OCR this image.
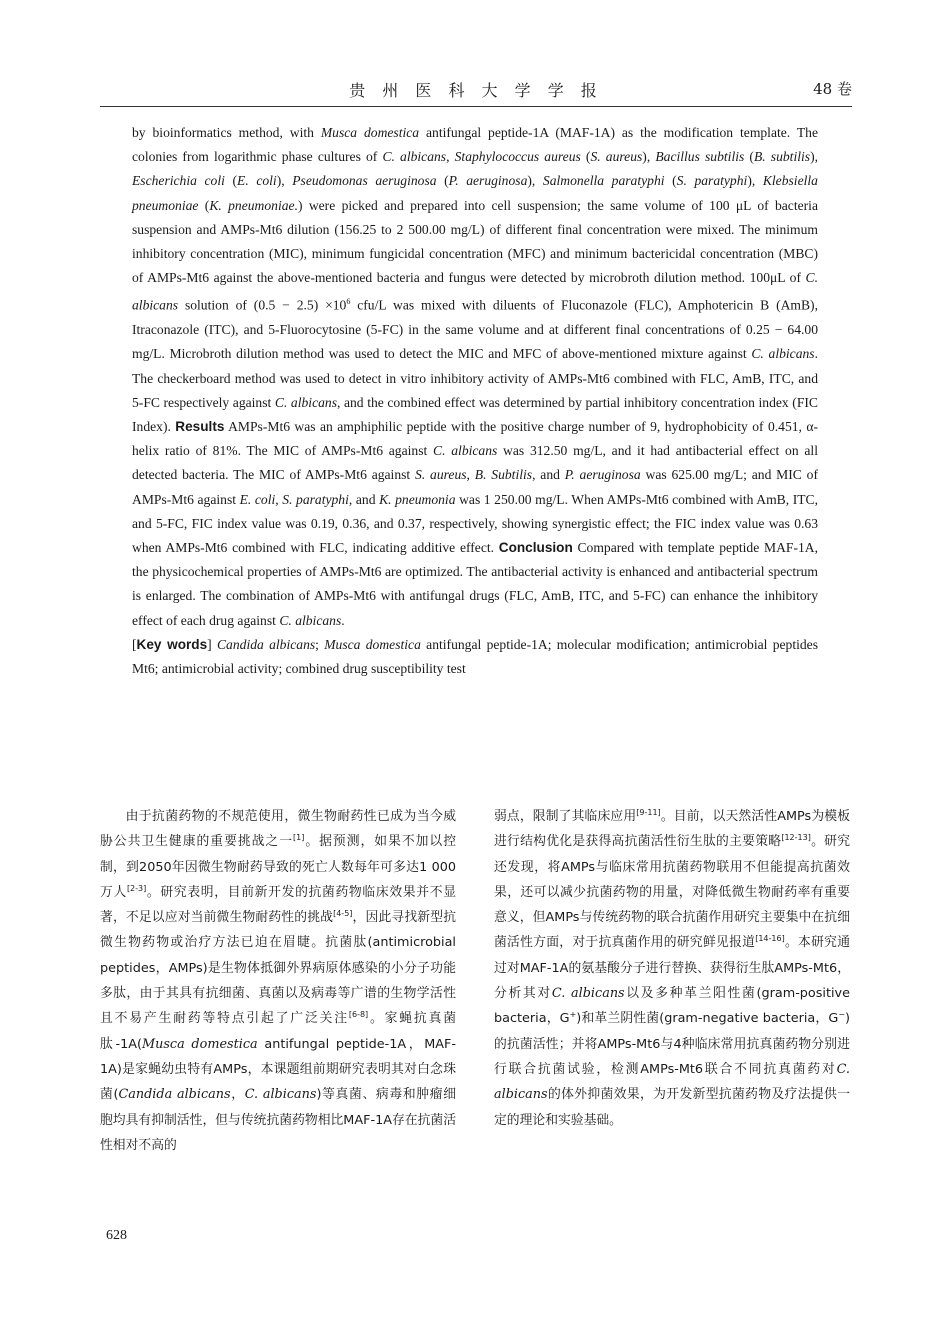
贵 州 医 科 大 学 学 报	48 卷

by bioinformatics method, with Musca domestica antifungal peptide-1A (MAF-1A) as the modification template. The colonies from logarithmic phase cultures of C. albicans, Staphylococcus aureus (S. aureus), Bacillus subtilis (B. subtilis), Escherichia coli (E. coli), Pseudomonas aeruginosa (P. aeruginosa), Salmonella paratyphi (S. paratyphi), Klebsiella pneumoniae (K. pneumoniae.) were picked and prepared into cell suspension; the same volume of 100 μL of bacteria suspension and AMPs-Mt6 dilution (156.25 to 2 500.00 mg/L) of different final concentration were mixed. The minimum inhibitory concentration (MIC), minimum fungicidal concentration (MFC) and minimum bactericidal concentration (MBC) of AMPs-Mt6 against the above-mentioned bacteria and fungus were detected by microbroth dilution method. 100μL of C. albicans solution of $(0.5 - 2.5) \times 10^6$ cfu/L was mixed with diluents of Fluconazole (FLC), Amphotericin B (AmB), Itraconazole (ITC), and 5-Fluorocytosine (5-FC) in the same volume and at different final concentrations of 0.25 − 64.00 mg/L. Microbroth dilution method was used to detect the MIC and MFC of above-mentioned mixture against C. albicans. The checkerboard method was used to detect in vitro inhibitory activity of AMPs-Mt6 combined with FLC, AmB, ITC, and 5-FC respectively against C. albicans, and the combined effect was determined by partial inhibitory concentration index (FIC Index). Results AMPs-Mt6 was an amphiphilic peptide with the positive charge number of 9, hydrophobicity of 0.451, α-helix ratio of 81%. The MIC of AMPs-Mt6 against C. albicans was 312.50 mg/L, and it had antibacterial effect on all detected bacteria. The MIC of AMPs-Mt6 against S. aureus, B. Subtilis, and P. aeruginosa was 625.00 mg/L; and MIC of AMPs-Mt6 against E. coli, S. paratyphi, and K. pneumonia was 1 250.00 mg/L. When AMPs-Mt6 combined with AmB, ITC, and 5-FC, FIC index value was 0.19, 0.36, and 0.37, respectively, showing synergistic effect; the FIC index value was 0.63 when AMPs-Mt6 combined with FLC, indicating additive effect. Conclusion Compared with template peptide MAF-1A, the physicochemical properties of AMPs-Mt6 are optimized. The antibacterial activity is enhanced and antibacterial spectrum is enlarged. The combination of AMPs-Mt6 with antifungal drugs (FLC, AmB, ITC, and 5-FC) can enhance the inhibitory effect of each drug against C. albicans.

[Key words] Candida albicans; Musca domestica antifungal peptide-1A; molecular modification; antimicrobial peptides Mt6; antimicrobial activity; combined drug susceptibility test

由于抗菌药物的不规范使用，微生物耐药性已成为当今威胁公共卫生健康的重要挑战之一[1]。据预测，如果不加以控制，到2050年因微生物耐药导致的死亡人数每年可多达1 000万人[2-3]。研究表明，目前新开发的抗菌药物临床效果并不显著，不足以应对当前微生物耐药性的挑战[4-5]，因此寻找新型抗微生物药物或治疗方法已迫在眉睫。抗菌肽(antimicrobial peptides，AMPs)是生物体抵御外界病原体感染的小分子功能多肽，由于其具有抗细菌、真菌以及病毒等广谱的生物学活性且不易产生耐药等特点引起了广泛关注[6-8]。家蝇抗真菌肽-1A(Musca domestica antifungal peptide-1A，MAF-1A)是家蝇幼虫特有AMPs，本课题组前期研究表明其对白念珠菌(Candida albicans，C. albicans)等真菌、病毒和肿瘤细胞均具有抑制活性，但与传统抗菌药物相比MAF-1A存在抗菌活性相对不高的

弱点，限制了其临床应用[9-11]。目前，以天然活性AMPs为模板进行结构优化是获得高抗菌活性衍生肽的主要策略[12-13]。研究还发现，将AMPs与临床常用抗菌药物联用不但能提高抗菌效果，还可以减少抗菌药物的用量，对降低微生物耐药率有重要意义，但AMPs与传统药物的联合抗菌作用研究主要集中在抗细菌活性方面，对于抗真菌作用的研究鲜见报道[14-16]。本研究通过对MAF-1A的氨基酸分子进行替换、获得衍生肽AMPs-Mt6，分析其对C. albicans以及多种革兰阳性菌(gram-positive bacteria，G+)和革兰阴性菌(gram-negative bacteria，G−)的抗菌活性；并将AMPs-Mt6与4种临床常用抗真菌药物分别进行联合抗菌试验，检测AMPs-Mt6联合不同抗真菌药对C. albicans的体外抑菌效果，为开发新型抗菌药物及疗法提供一定的理论和实验基础。

628
